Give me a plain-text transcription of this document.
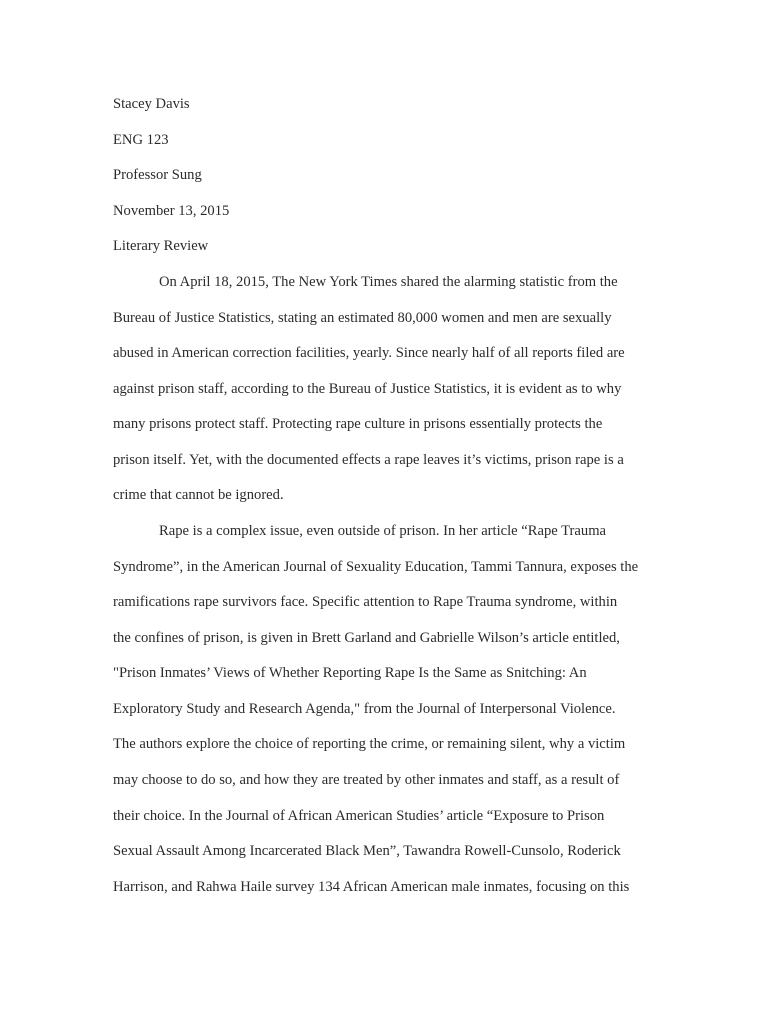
Stacey Davis

ENG 123

Professor Sung

November 13, 2015

Literary Review

On April 18, 2015, The New York Times shared the alarming statistic from the

Bureau of Justice Statistics, stating an estimated 80,000 women and men are sexually

abused in American correction facilities, yearly. Since nearly half of all reports filed are

against prison staff, according to the Bureau of Justice Statistics, it is evident as to why

many prisons protect staff. Protecting rape culture in prisons essentially protects the

prison itself. Yet, with the documented effects a rape leaves it’s victims, prison rape is a

crime that cannot be ignored.

Rape is a complex issue, even outside of prison. In her article “Rape Trauma

Syndrome”, in the American Journal of Sexuality Education, Tammi Tannura, exposes the

ramifications rape survivors face. Specific attention to Rape Trauma syndrome, within

the confines of prison, is given in Brett Garland and Gabrielle Wilson’s article entitled,

"Prison Inmates’ Views of Whether Reporting Rape Is the Same as Snitching: An

Exploratory Study and Research Agenda," from the Journal of Interpersonal Violence.

The authors explore the choice of reporting the crime, or remaining silent, why a victim

may choose to do so, and how they are treated by other inmates and staff, as a result of

their choice. In the Journal of African American Studies’ article “Exposure to Prison

Sexual Assault Among Incarcerated Black Men”, Tawandra Rowell-Cunsolo, Roderick

Harrison, and Rahwa Haile survey 134 African American male inmates, focusing on this
